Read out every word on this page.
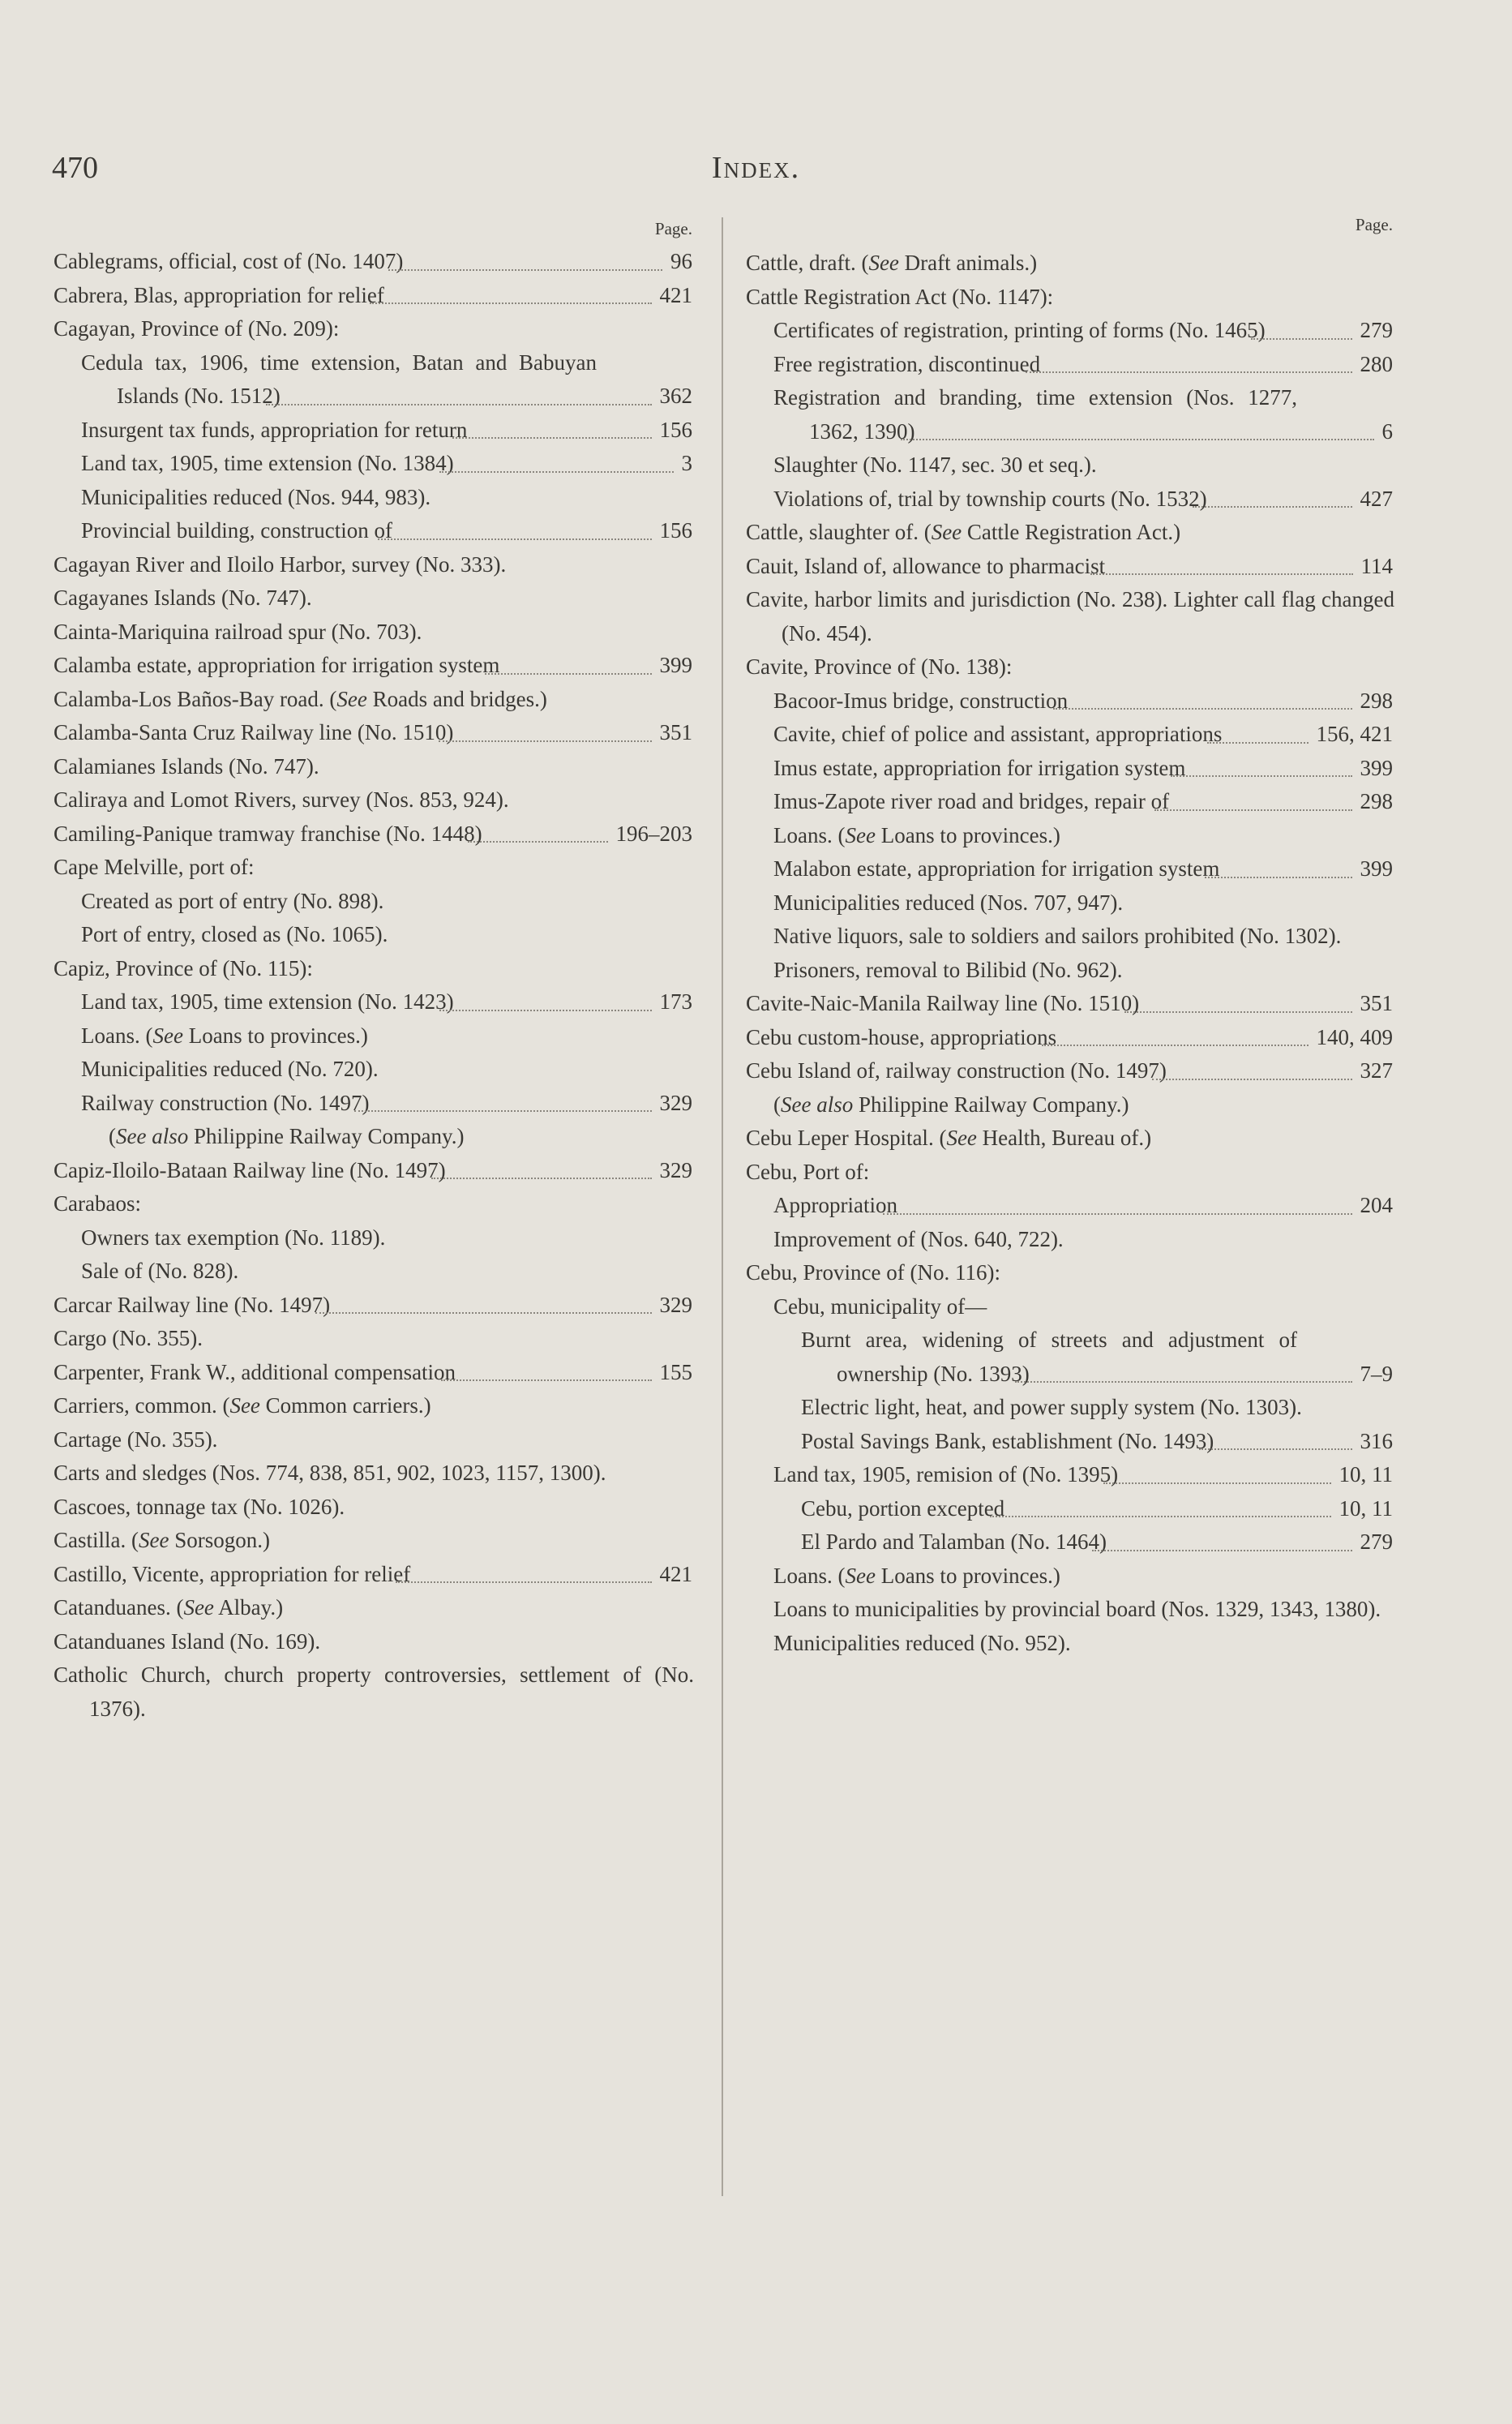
470	Index.
Page.
Cablegrams, official, cost of (No. 1407)	96
Cabrera, Blas, appropriation for relief	421
Cagayan, Province of (No. 209):
Cedula tax, 1906, time extension, Batan and Babuyan Islands (No. 1512)	362
Insurgent tax funds, appropriation for return	156
Land tax, 1905, time extension (No. 1384)	3
Municipalities reduced (Nos. 944, 983).
Provincial building, construction of	156
Cagayan River and Iloilo Harbor, survey (No. 333).
Cagayanes Islands (No. 747).
Cainta-Mariquina railroad spur (No. 703).
Calamba estate, appropriation for irrigation system	399
Calamba-Los Baños-Bay road. (See Roads and bridges.)
Calamba-Santa Cruz Railway line (No. 1510)	351
Calamianes Islands (No. 747).
Caliraya and Lomot Rivers, survey (Nos. 853, 924).
Camiling-Panique tramway franchise (No. 1448)	196–203
Cape Melville, port of:
Created as port of entry (No. 898).
Port of entry, closed as (No. 1065).
Capiz, Province of (No. 115):
Land tax, 1905, time extension (No. 1423)	173
Loans. (See Loans to provinces.)
Municipalities reduced (No. 720).
Railway construction (No. 1497)	329
(See also Philippine Railway Company.)
Capiz-Iloilo-Bataan Railway line (No. 1497)	329
Carabaos:
Owners tax exemption (No. 1189).
Sale of (No. 828).
Carcar Railway line (No. 1497)	329
Cargo (No. 355).
Carpenter, Frank W., additional compensation	155
Carriers, common. (See Common carriers.)
Cartage (No. 355).
Carts and sledges (Nos. 774, 838, 851, 902, 1023, 1157, 1300).
Cascoes, tonnage tax (No. 1026).
Castilla. (See Sorsogon.)
Castillo, Vicente, appropriation for relief	421
Catanduanes. (See Albay.)
Catanduanes Island (No. 169).
Catholic Church, church property controversies, settlement of (No. 1376).
Page.
Cattle, draft. (See Draft animals.)
Cattle Registration Act (No. 1147):
Certificates of registration, printing of forms (No. 1465)	279
Free registration, discontinued	280
Registration and branding, time extension (Nos. 1277, 1362, 1390)	6
Slaughter (No. 1147, sec. 30 et seq.).
Violations of, trial by township courts (No. 1532)	427
Cattle, slaughter of. (See Cattle Registration Act.)
Cauit, Island of, allowance to pharmacist	114
Cavite, harbor limits and jurisdiction (No. 238). Lighter call flag changed (No. 454).
Cavite, Province of (No. 138):
Bacoor-Imus bridge, construction	298
Cavite, chief of police and assistant, appropriations	156, 421
Imus estate, appropriation for irrigation system	399
Imus-Zapote river road and bridges, repair of	298
Loans. (See Loans to provinces.)
Malabon estate, appropriation for irrigation system	399
Municipalities reduced (Nos. 707, 947).
Native liquors, sale to soldiers and sailors prohibited (No. 1302).
Prisoners, removal to Bilibid (No. 962).
Cavite-Naic-Manila Railway line (No. 1510)	351
Cebu custom-house, appropriations	140, 409
Cebu Island of, railway construction (No. 1497)	327
(See also Philippine Railway Company.)
Cebu Leper Hospital. (See Health, Bureau of.)
Cebu, Port of:
Appropriation	204
Improvement of (Nos. 640, 722).
Cebu, Province of (No. 116):
Cebu, municipality of—
Burnt area, widening of streets and adjustment of ownership (No. 1393)	7–9
Electric light, heat, and power supply system (No. 1303).
Postal Savings Bank, establishment (No. 1493)	316
Land tax, 1905, remision of (No. 1395)	10, 11
Cebu, portion excepted	10, 11
El Pardo and Talamban (No. 1464)	279
Loans. (See Loans to provinces.)
Loans to municipalities by provincial board (Nos. 1329, 1343, 1380).
Municipalities reduced (No. 952).
